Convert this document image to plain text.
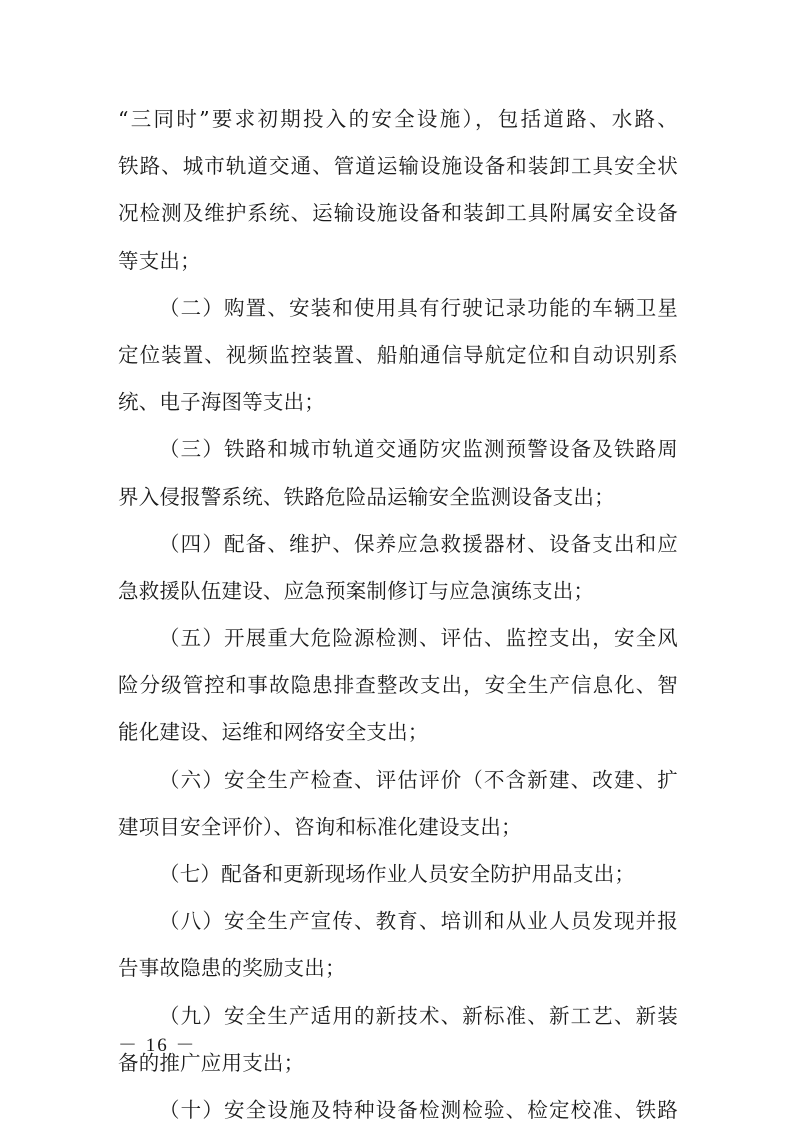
“三同时”要求初期投入的安全设施），包括道路、水路、
铁路、城市轨道交通、管道运输设施设备和装卸工具安全状
况检测及维护系统、运输设施设备和装卸工具附属安全设备
等支出；
（二）购置、安装和使用具有行驶记录功能的车辆卫星
定位装置、视频监控装置、船舶通信导航定位和自动识别系
统、电子海图等支出；
（三）铁路和城市轨道交通防灾监测预警设备及铁路周
界入侵报警系统、铁路危险品运输安全监测设备支出；
（四）配备、维护、保养应急救援器材、设备支出和应
急救援队伍建设、应急预案制修订与应急演练支出；
（五）开展重大危险源检测、评估、监控支出，安全风
险分级管控和事故隐患排查整改支出，安全生产信息化、智
能化建设、运维和网络安全支出；
（六）安全生产检查、评估评价（不含新建、改建、扩
建项目安全评价）、咨询和标准化建设支出；
（七）配备和更新现场作业人员安全防护用品支出；
（八）安全生产宣传、教育、培训和从业人员发现并报
告事故隐患的奖励支出；
（九）安全生产适用的新技术、新标准、新工艺、新装
备的推广应用支出；
（十）安全设施及特种设备检测检验、检定校准、铁路
－ 16 －
